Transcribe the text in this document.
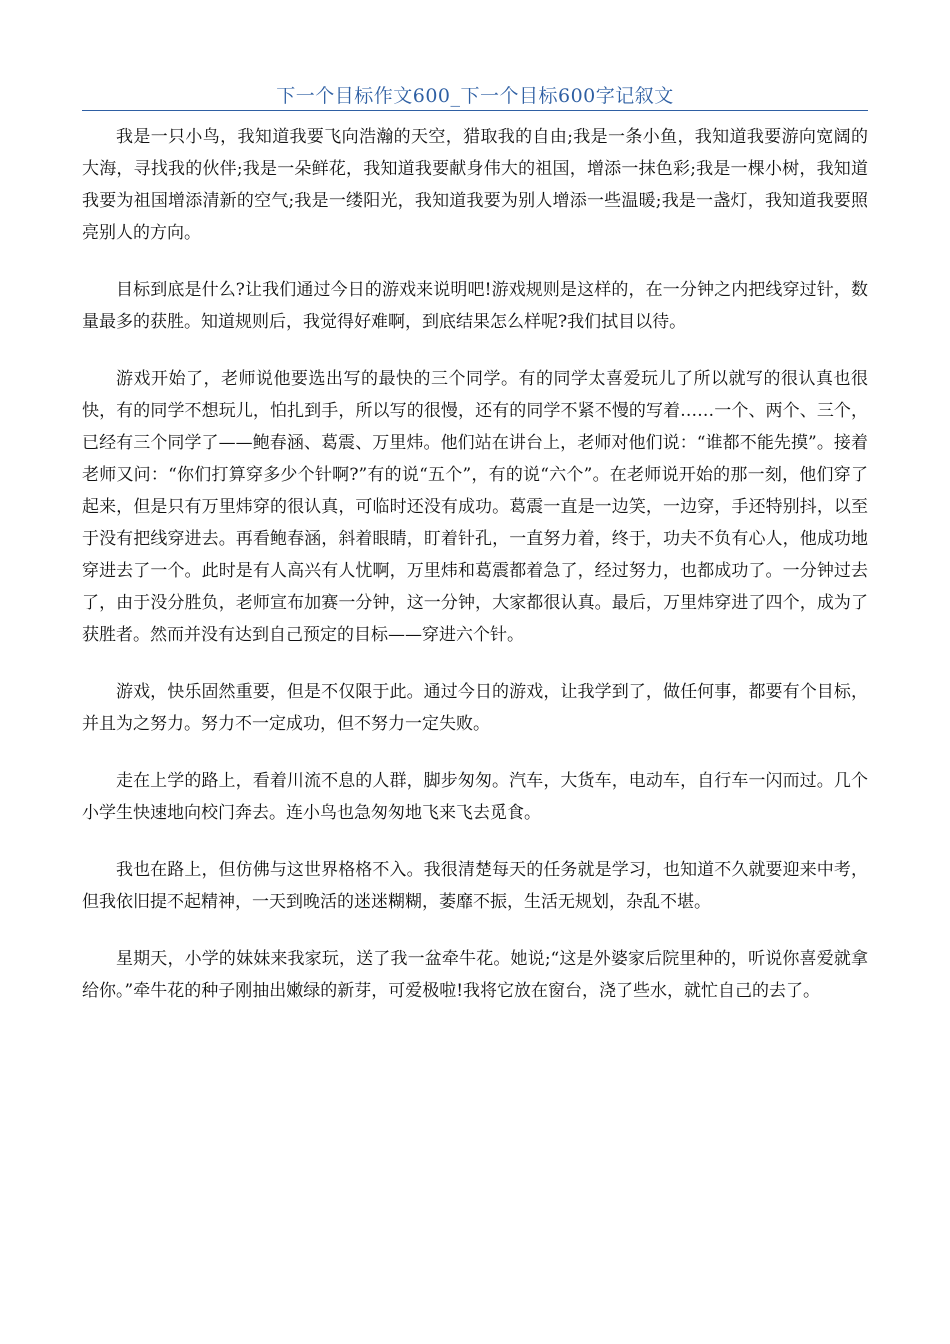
下一个目标作文600_下一个目标600字记叙文

我是一只小鸟，我知道我要飞向浩瀚的天空，猎取我的自由;我是一条小鱼，我知道我要游向宽阔的大海，寻找我的伙伴;我是一朵鲜花，我知道我要献身伟大的祖国，增添一抹色彩;我是一棵小树，我知道我要为祖国增添清新的空气;我是一缕阳光，我知道我要为别人增添一些温暖;我是一盏灯，我知道我要照亮别人的方向。

目标到底是什么?让我们通过今日的游戏来说明吧!游戏规则是这样的，在一分钟之内把线穿过针，数量最多的获胜。知道规则后，我觉得好难啊，到底结果怎么样呢?我们拭目以待。

游戏开始了，老师说他要选出写的最快的三个同学。有的同学太喜爱玩儿了所以就写的很认真也很快，有的同学不想玩儿，怕扎到手，所以写的很慢，还有的同学不紧不慢的写着……一个、两个、三个，已经有三个同学了——鲍春涵、葛震、万里炜。他们站在讲台上，老师对他们说：“谁都不能先摸”。接着老师又问：“你们打算穿多少个针啊?”有的说“五个”，有的说“六个”。在老师说开始的那一刻，他们穿了起来，但是只有万里炜穿的很认真，可临时还没有成功。葛震一直是一边笑，一边穿，手还特别抖，以至于没有把线穿进去。再看鲍春涵，斜着眼睛，盯着针孔，一直努力着，终于，功夫不负有心人，他成功地穿进去了一个。此时是有人高兴有人忧啊，万里炜和葛震都着急了，经过努力，也都成功了。一分钟过去了，由于没分胜负，老师宣布加赛一分钟，这一分钟，大家都很认真。最后，万里炜穿进了四个，成为了获胜者。然而并没有达到自己预定的目标——穿进六个针。

游戏，快乐固然重要，但是不仅限于此。通过今日的游戏，让我学到了，做任何事，都要有个目标，并且为之努力。努力不一定成功，但不努力一定失败。

走在上学的路上，看着川流不息的人群，脚步匆匆。汽车，大货车，电动车，自行车一闪而过。几个小学生快速地向校门奔去。连小鸟也急匆匆地飞来飞去觅食。

我也在路上，但仿佛与这世界格格不入。我很清楚每天的任务就是学习，也知道不久就要迎来中考，但我依旧提不起精神，一天到晚活的迷迷糊糊，萎靡不振，生活无规划，杂乱不堪。

星期天，小学的妹妹来我家玩，送了我一盆牵牛花。她说;“这是外婆家后院里种的，听说你喜爱就拿给你。”牵牛花的种子刚抽出嫩绿的新芽，可爱极啦!我将它放在窗台，浇了些水，就忙自己的去了。
